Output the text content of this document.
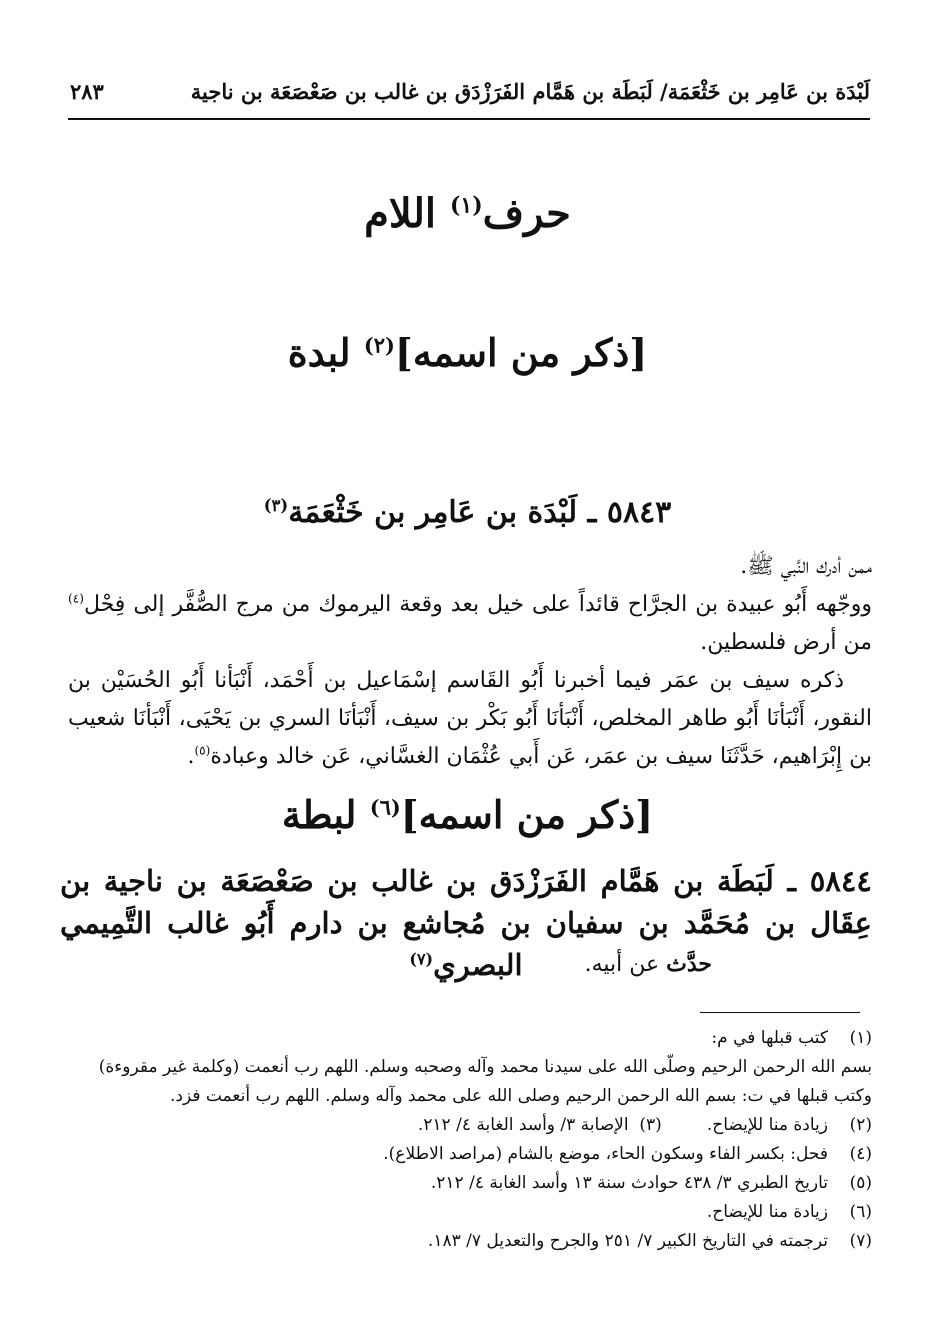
لَبْدَة بن عَامِر بن خَثْعَمَة/ لَبَطَة بن هَمَّام الفَرَزْدَق بن غالب بن صَعْصَعَة بن ناجية
٢٨٣
حرف$^{(١)}$ اللام
[ذكر من اسمه]$^{(٢)}$ لبدة
٥٨٤٣ ـ لَبْدَة بن عَامِر بن خَثْعَمَة$^{(٣)}$

ممن أدرك النَّبي ﷺ.

ووجّهه أَبُو عبيدة بن الجرَّاح قائداً على خيل بعد وقعة اليرموك من مرج الصُّفَّر إلى فِحْل$^{(٤)}$ من أرض فلسطين.

ذكره سيف بن عمَر فيما أخبرنا أَبُو القَاسم إسْمَاعيل بن أَحْمَد، أَنْبَأنا أَبُو الحُسَيْن بن النقور، أَنْبَأنَا أَبُو طاهر المخلص، أَنْبَأنَا أَبُو بَكْر بن سيف، أَنْبَأنَا السري بن يَحْيَى، أَنْبَأنَا شعيب بن إِبْرَاهيم، حَدَّثَنَا سيف بن عمَر، عَن أَبي عُثْمَان الغسَّاني، عَن خالد وعبادة$^{(٥)}$.

[ذكر من اسمه]$^{(٦)}$ لبطة
٥٨٤٤ ـ لَبَطَة بن هَمَّام الفَرَزْدَق بن غالب بن صَعْصَعَة بن ناجية بن عِقَال بن مُحَمَّد بن سفيان بن مُجاشع بن دارم أَبُو غالب التَّمِيمي البصري$^{(٧)}$	حدَّث عن أبيه.

(١)
كتب قبلها في م:
بسم الله الرحمن الرحيم وصلّى الله على سيدنا محمد وآله وصحبه وسلم. اللهم رب أنعمت (وكلمة غير مقروءة)
وكتب قبلها في ت: بسم الله الرحمن الرحيم وصلى الله على محمد وآله وسلم. اللهم رب أنعمت فزد.
(٢)
زيادة منا للإيضاح.
(٣)  الإصابة ٣/ وأسد الغابة ٤/ ٢١٢.
(٤)
فحل: بكسر الفاء وسكون الحاء، موضع بالشام (مراصد الاطلاع).
(٥)
تاريخ الطبري ٣/ ٤٣٨ حوادث سنة ١٣ وأسد الغابة ٤/ ٢١٢.
(٦)
زيادة منا للإيضاح.
(٧)
ترجمته في التاريخ الكبير ٧/ ٢٥١ والجرح والتعديل ٧/ ١٨٣.
